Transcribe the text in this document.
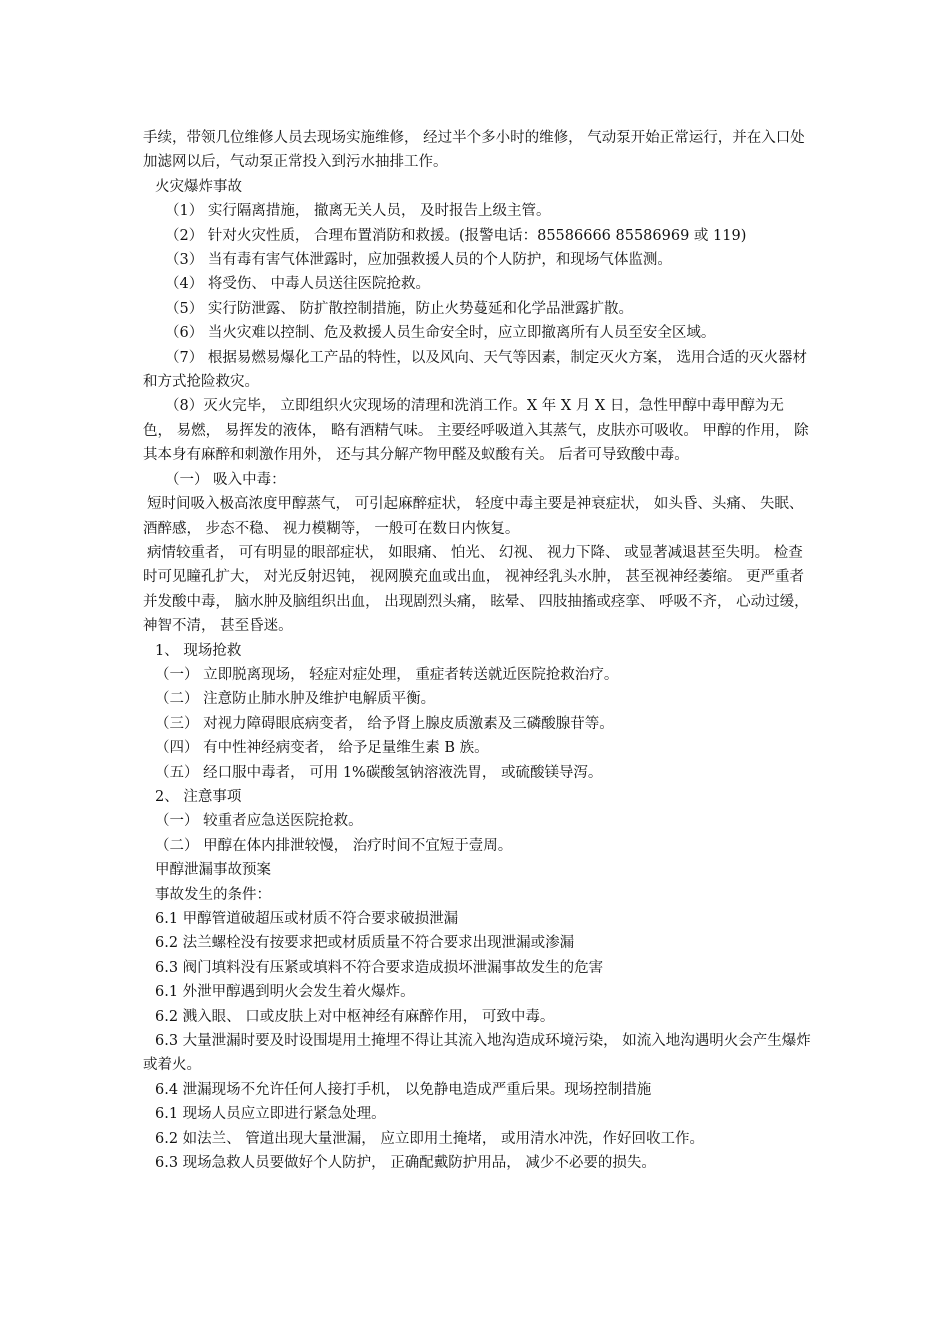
手续，带领几位维修人员去现场实施维修， 经过半个多小时的维修， 气动泵开始正常运行，并在入口处加滤网以后，气动泵正常投入到污水抽排工作。

火灾爆炸事故

（1） 实行隔离措施， 撤离无关人员， 及时报告上级主管。

（2） 针对火灾性质， 合理布置消防和救援。(报警电话：85586666 85586969 或 119)

（3） 当有毒有害气体泄露时，应加强救援人员的个人防护，和现场气体监测。

（4） 将受伤、 中毒人员送往医院抢救。

（5） 实行防泄露、 防扩散控制措施，防止火势蔓延和化学品泄露扩散。

（6） 当火灾难以控制、危及救援人员生命安全时，应立即撤离所有人员至安全区域。

（7） 根据易燃易爆化工产品的特性，以及风向、天气等因素，制定灭火方案， 选用合适的灭火器材和方式抢险救灾。

（8）灭火完毕， 立即组织火灾现场的清理和洗消工作。X 年 X 月 X 日，急性甲醇中毒甲醇为无色， 易燃， 易挥发的液体， 略有酒精气味。 主要经呼吸道入其蒸气，皮肤亦可吸收。 甲醇的作用， 除其本身有麻醉和刺激作用外， 还与其分解产物甲醛及蚁酸有关。 后者可导致酸中毒。

（一） 吸入中毒：

短时间吸入极高浓度甲醇蒸气， 可引起麻醉症状， 轻度中毒主要是神衰症状， 如头昏、头痛、 失眠、 酒醉感， 步态不稳、 视力模糊等， 一般可在数日内恢复。

病情较重者， 可有明显的眼部症状， 如眼痛、 怕光、 幻视、 视力下降、 或显著减退甚至失明。 检查时可见瞳孔扩大， 对光反射迟钝， 视网膜充血或出血， 视神经乳头水肿， 甚至视神经萎缩。 更严重者并发酸中毒， 脑水肿及脑组织出血， 出现剧烈头痛， 眩晕、 四肢抽搐或痉挛、 呼吸不齐， 心动过缓， 神智不清， 甚至昏迷。

1、 现场抢救

（一） 立即脱离现场， 轻症对症处理， 重症者转送就近医院抢救治疗。

（二） 注意防止肺水肿及维护电解质平衡。

（三） 对视力障碍眼底病变者， 给予肾上腺皮质激素及三磷酸腺苷等。

（四） 有中性神经病变者， 给予足量维生素 B 族。

（五） 经口服中毒者， 可用 1%碳酸氢钠溶液洗胃， 或硫酸镁导泻。

2、 注意事项

（一） 较重者应急送医院抢救。

（二） 甲醇在体内排泄较慢， 治疗时间不宜短于壹周。

甲醇泄漏事故预案

事故发生的条件：

6.1 甲醇管道破超压或材质不符合要求破损泄漏

6.2 法兰螺栓没有按要求把或材质质量不符合要求出现泄漏或渗漏

6.3 阀门填料没有压紧或填料不符合要求造成损坏泄漏事故发生的危害

6.1 外泄甲醇遇到明火会发生着火爆炸。

6.2 溅入眼、 口或皮肤上对中枢神经有麻醉作用， 可致中毒。

6.3 大量泄漏时要及时设围堤用土掩埋不得让其流入地沟造成环境污染， 如流入地沟遇明火会产生爆炸或着火。

6.4 泄漏现场不允许任何人接打手机， 以免静电造成严重后果。现场控制措施

6.1 现场人员应立即进行紧急处理。

6.2 如法兰、 管道出现大量泄漏， 应立即用土掩堵， 或用清水冲洗，作好回收工作。

6.3 现场急救人员要做好个人防护， 正确配戴防护用品， 减少不必要的损失。
